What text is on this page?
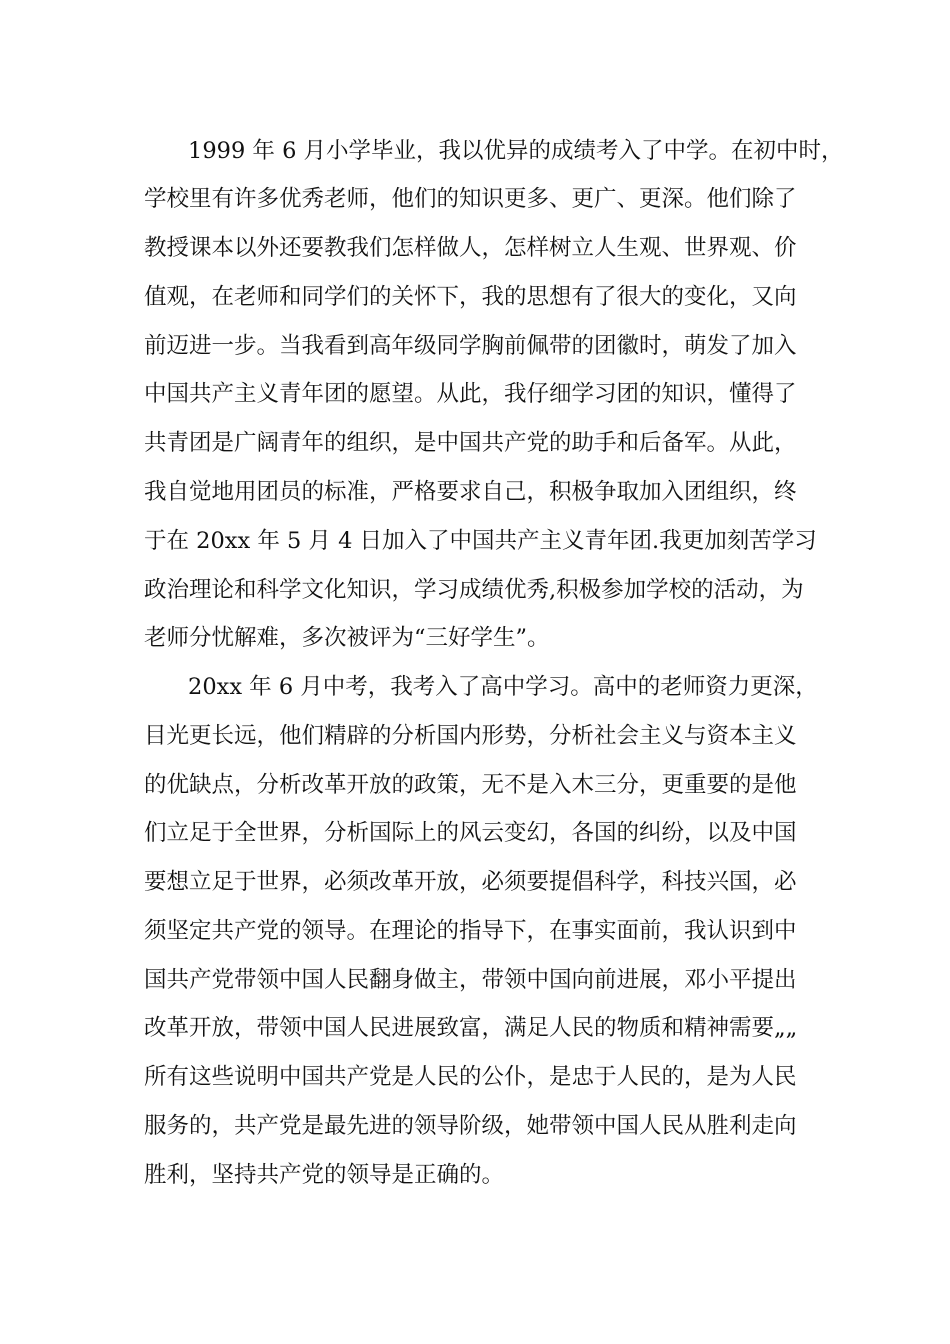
1999 年 6 月小学毕业，我以优异的成绩考入了中学。在初中时，
学校里有许多优秀老师，他们的知识更多、更广、更深。他们除了
教授课本以外还要教我们怎样做人，怎样树立人生观、世界观、价
值观，在老师和同学们的关怀下，我的思想有了很大的变化，又向
前迈进一步。当我看到高年级同学胸前佩带的团徽时，萌发了加入
中国共产主义青年团的愿望。从此，我仔细学习团的知识，懂得了
共青团是广阔青年的组织，是中国共产党的助手和后备军。从此，
我自觉地用团员的标准，严格要求自己，积极争取加入团组织，终
于在 20xx 年 5 月 4 日加入了中国共产主义青年团.我更加刻苦学习
政治理论和科学文化知识，学习成绩优秀,积极参加学校的活动，为
老师分忧解难，多次被评为“三好学生”。
20xx 年 6 月中考，我考入了高中学习。高中的老师资力更深，
目光更长远，他们精辟的分析国内形势，分析社会主义与资本主义
的优缺点，分析改革开放的政策，无不是入木三分，更重要的是他
们立足于全世界，分析国际上的风云变幻，各国的纠纷，以及中国
要想立足于世界，必须改革开放，必须要提倡科学，科技兴国，必
须坚定共产党的领导。在理论的指导下，在事实面前，我认识到中
国共产党带领中国人民翻身做主，带领中国向前进展，邓小平提出
改革开放，带领中国人民进展致富，满足人民的物质和精神需要„„
所有这些说明中国共产党是人民的公仆，是忠于人民的，是为人民
服务的，共产党是最先进的领导阶级，她带领中国人民从胜利走向
胜利，坚持共产党的领导是正确的。
